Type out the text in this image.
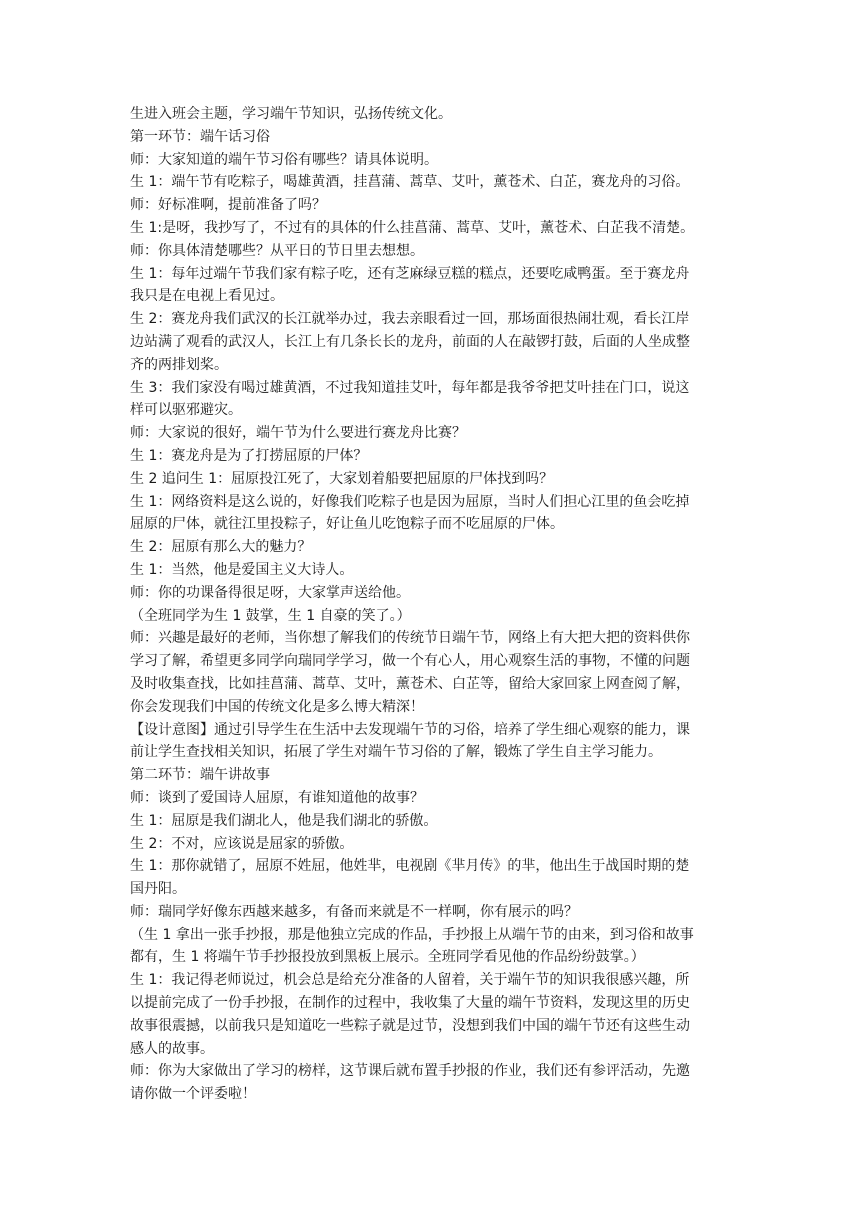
生进入班会主题，学习端午节知识，弘扬传统文化。
第一环节：端午话习俗
师：大家知道的端午节习俗有哪些？请具体说明。
生 1：端午节有吃粽子，喝雄黄酒，挂菖蒲、蒿草、艾叶，薰苍术、白芷，赛龙舟的习俗。
师：好标准啊，提前准备了吗？
生 1:是呀，我抄写了，不过有的具体的什么挂菖蒲、蒿草、艾叶，薰苍术、白芷我不清楚。
师：你具体清楚哪些？从平日的节日里去想想。
生 1：每年过端午节我们家有粽子吃，还有芝麻绿豆糕的糕点，还要吃咸鸭蛋。至于赛龙舟
我只是在电视上看见过。
生 2：赛龙舟我们武汉的长江就举办过，我去亲眼看过一回，那场面很热闹壮观，看长江岸
边站满了观看的武汉人，长江上有几条长长的龙舟，前面的人在敲锣打鼓，后面的人坐成整
齐的两排划桨。
生 3：我们家没有喝过雄黄酒，不过我知道挂艾叶，每年都是我爷爷把艾叶挂在门口，说这
样可以驱邪避灾。
师：大家说的很好，端午节为什么要进行赛龙舟比赛？
生 1：赛龙舟是为了打捞屈原的尸体？
生 2 追问生 1：屈原投江死了，大家划着船要把屈原的尸体找到吗？
生 1：网络资料是这么说的，好像我们吃粽子也是因为屈原，当时人们担心江里的鱼会吃掉
屈原的尸体，就往江里投粽子，好让鱼儿吃饱粽子而不吃屈原的尸体。
生 2：屈原有那么大的魅力？
生 1：当然，他是爱国主义大诗人。
师：你的功课备得很足呀，大家掌声送给他。
（全班同学为生 1 鼓掌，生 1 自豪的笑了。）
师：兴趣是最好的老师，当你想了解我们的传统节日端午节，网络上有大把大把的资料供你
学习了解，希望更多同学向瑞同学学习，做一个有心人，用心观察生活的事物，不懂的问题
及时收集查找，比如挂菖蒲、蒿草、艾叶，薰苍术、白芷等，留给大家回家上网查阅了解，
你会发现我们中国的传统文化是多么博大精深！
【设计意图】通过引导学生在生活中去发现端午节的习俗，培养了学生细心观察的能力，课
前让学生查找相关知识，拓展了学生对端午节习俗的了解，锻炼了学生自主学习能力。
第二环节：端午讲故事
师：谈到了爱国诗人屈原，有谁知道他的故事？
生 1：屈原是我们湖北人，他是我们湖北的骄傲。
生 2：不对，应该说是屈家的骄傲。
生 1：那你就错了，屈原不姓屈，他姓芈，电视剧《芈月传》的芈，他出生于战国时期的楚
国丹阳。
师：瑞同学好像东西越来越多，有备而来就是不一样啊，你有展示的吗？
（生 1 拿出一张手抄报，那是他独立完成的作品，手抄报上从端午节的由来，到习俗和故事
都有，生 1 将端午节手抄报投放到黑板上展示。全班同学看见他的作品纷纷鼓掌。）
生 1：我记得老师说过，机会总是给充分准备的人留着，关于端午节的知识我很感兴趣，所
以提前完成了一份手抄报，在制作的过程中，我收集了大量的端午节资料，发现这里的历史
故事很震撼，以前我只是知道吃一些粽子就是过节，没想到我们中国的端午节还有这些生动
感人的故事。
师：你为大家做出了学习的榜样，这节课后就布置手抄报的作业，我们还有参评活动，先邀
请你做一个评委啦！
